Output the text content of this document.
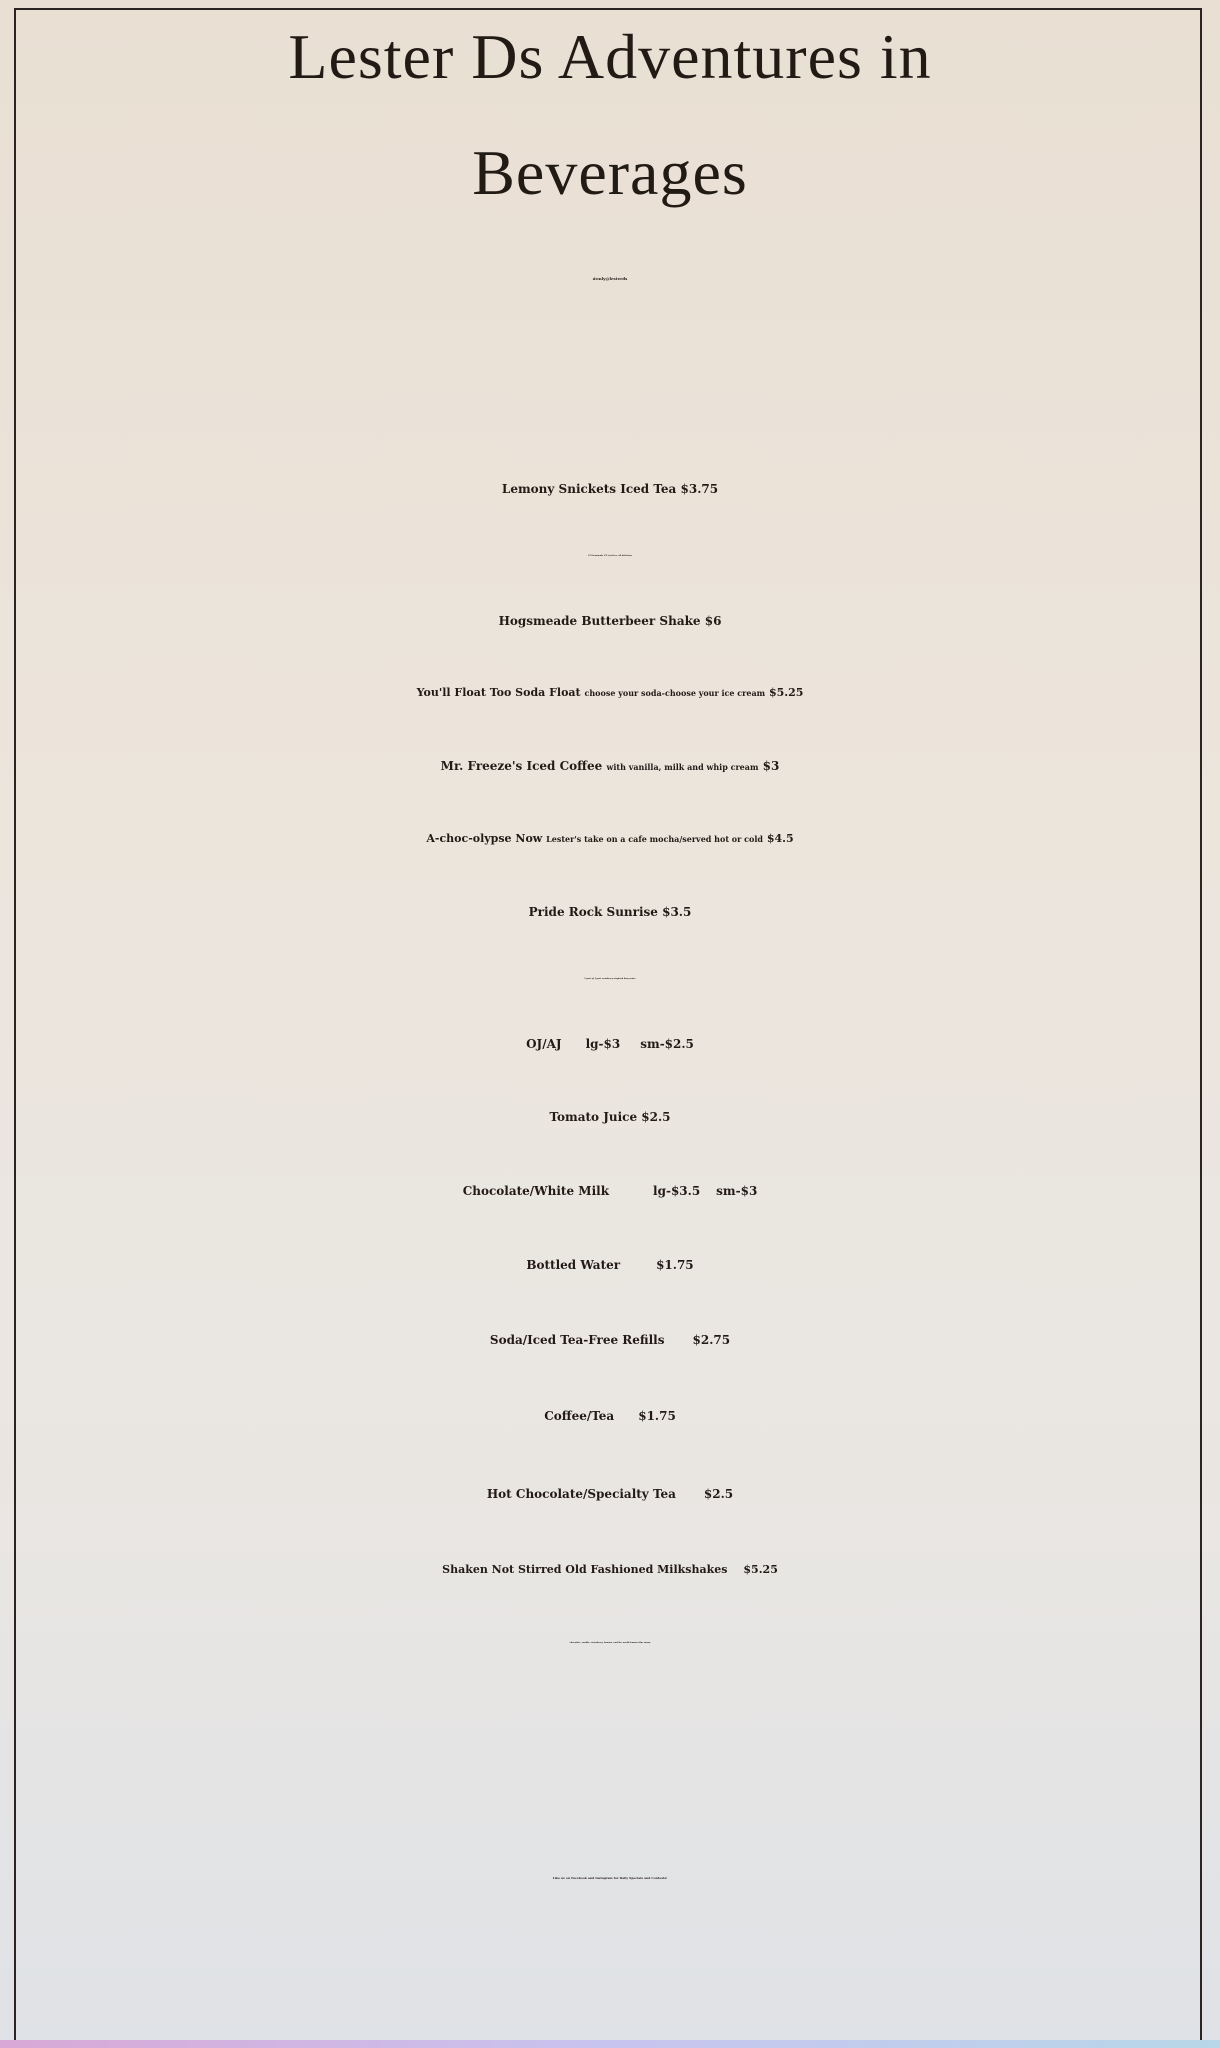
Lester Ds Adventures in
Beverages
#only@lesterds
Lemony Snickets Iced Tea $3.75
1/2 lemonade 1/2 iced tea, all delicious
Hogsmeade Butterbeer Shake $6
You'll Float Too Soda Float choose your soda-choose your ice cream $5.25
Mr. Freeze's Iced Coffee with vanilla, milk and whip cream $3
A-choc-olypse Now Lester's take on a cafe mocha/served hot or cold $4.5
Pride Rock Sunrise $3.5
1 part oj 1 part cranberry w/splash fizzy water
OJ/AJ lg-$3 sm-$2.5
Tomato Juice $2.5
Chocolate/White Milk	lg-$3.5 sm-$3
Bottled Water	$1.75
Soda/Iced Tea-Free Refills $2.75
Coffee/Tea $1.75
Hot Chocolate/Specialty Tea $2.5
Shaken Not Stirred Old Fashioned Milkshakes $5.25
chocolate, vanilla, strawberry, banana, and the world famous blue moon
Like us on Facebook and Instagram for Daily Specials and Contests!
